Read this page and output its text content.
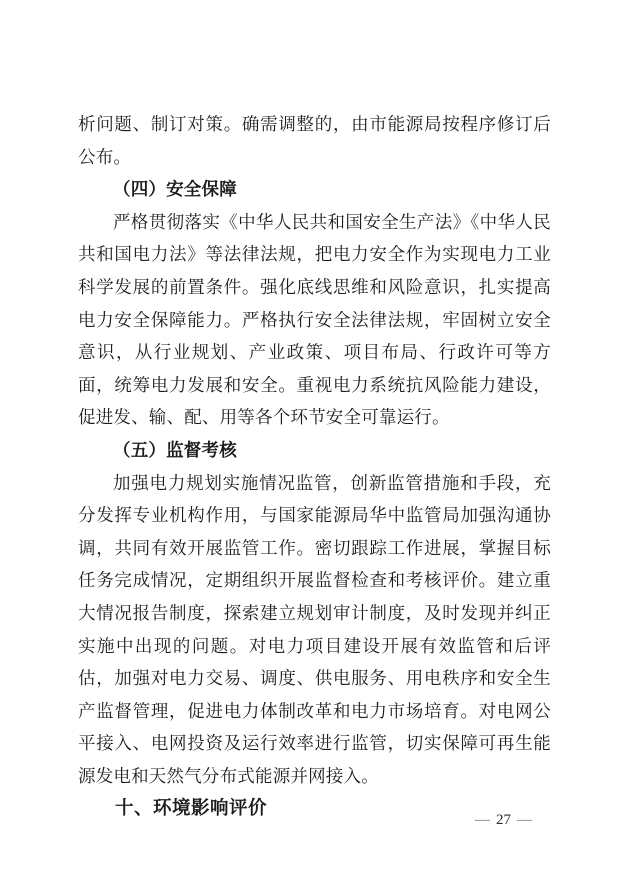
析问题、制订对策。确需调整的，由市能源局按程序修订后公布。

（四）安全保障

严格贯彻落实《中华人民共和国安全生产法》《中华人民共和国电力法》等法律法规，把电力安全作为实现电力工业科学发展的前置条件。强化底线思维和风险意识，扎实提高电力安全保障能力。严格执行安全法律法规，牢固树立安全意识，从行业规划、产业政策、项目布局、行政许可等方面，统筹电力发展和安全。重视电力系统抗风险能力建设，促进发、输、配、用等各个环节安全可靠运行。

（五）监督考核

加强电力规划实施情况监管，创新监管措施和手段，充分发挥专业机构作用，与国家能源局华中监管局加强沟通协调，共同有效开展监管工作。密切跟踪工作进展，掌握目标任务完成情况，定期组织开展监督检查和考核评价。建立重大情况报告制度，探索建立规划审计制度，及时发现并纠正实施中出现的问题。对电力项目建设开展有效监管和后评估，加强对电力交易、调度、供电服务、用电秩序和安全生产监督管理，促进电力体制改革和电力市场培育。对电网公平接入、电网投资及运行效率进行监管，切实保障可再生能源发电和天然气分布式能源并网接入。

十、环境影响评价

— 27 —
